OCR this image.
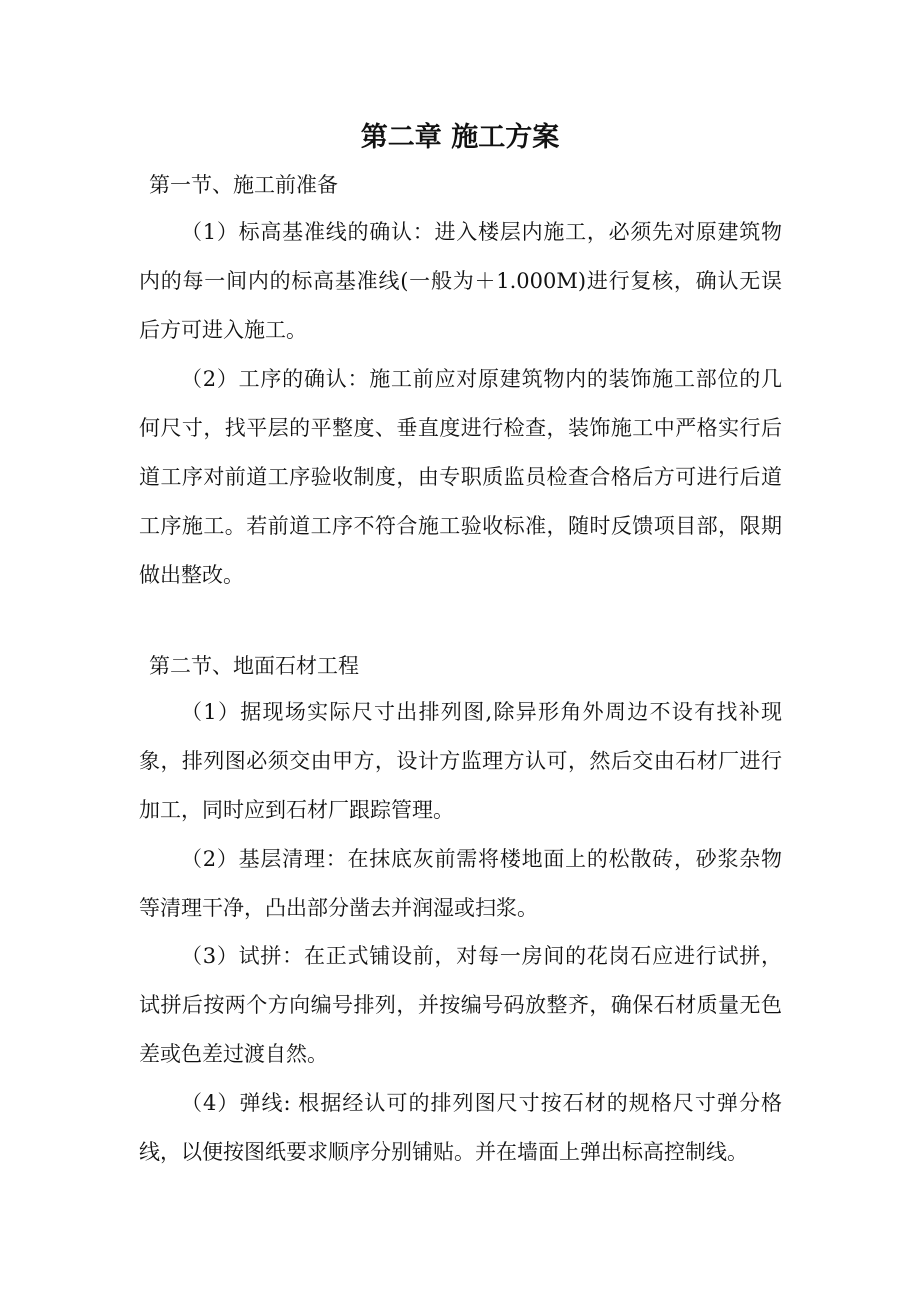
第二章 施工方案
第一节、施工前准备

（1）标高基准线的确认：进入楼层内施工，必须先对原建筑物内的每一间内的标高基准线(一般为＋1.000M)进行复核，确认无误后方可进入施工。

（2）工序的确认：施工前应对原建筑物内的装饰施工部位的几何尺寸，找平层的平整度、垂直度进行检查，装饰施工中严格实行后道工序对前道工序验收制度，由专职质监员检查合格后方可进行后道工序施工。若前道工序不符合施工验收标准，随时反馈项目部，限期做出整改。

第二节、地面石材工程

（1）据现场实际尺寸出排列图,除异形角外周边不设有找补现象，排列图必须交由甲方，设计方监理方认可，然后交由石材厂进行加工，同时应到石材厂跟踪管理。

（2）基层清理：在抹底灰前需将楼地面上的松散砖，砂浆杂物等清理干净，凸出部分凿去并润湿或扫浆。

（3）试拼：在正式铺设前，对每一房间的花岗石应进行试拼，试拼后按两个方向编号排列，并按编号码放整齐，确保石材质量无色差或色差过渡自然。

（4）弹线: 根据经认可的排列图尺寸按石材的规格尺寸弹分格线，以便按图纸要求顺序分别铺贴。并在墙面上弹出标高控制线。
